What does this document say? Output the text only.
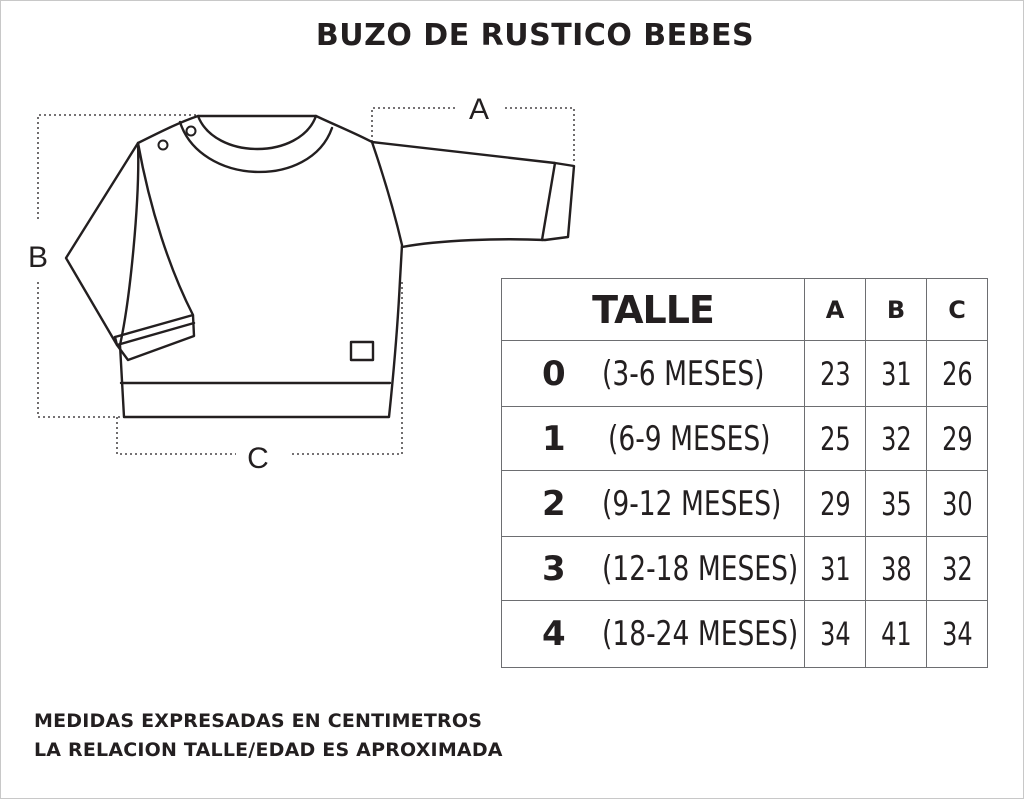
BUZO DE RUSTICO BEBES
A
B
C
TALLE	A	B	C

0 (3-6 MESES)	23	31	26

1 (6-9 MESES)	25	32	29

2 (9-12 MESES)	29	35	30

3 (12-18 MESES)	31	38	32

4 (18-24 MESES)	34	41	34
MEDIDAS EXPRESADAS EN CENTIMETROS
LA RELACION TALLE/EDAD ES APROXIMADA
